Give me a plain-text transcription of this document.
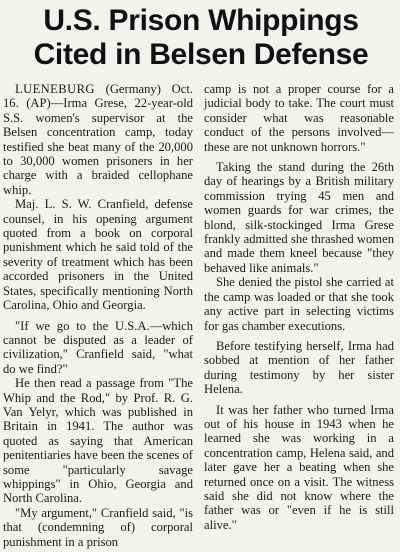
U.S. Prison Whippings
Cited in Belsen Defense

LUENEBURG (Germany) Oct. 16. (AP)—Irma Grese, 22-year-old S.S. women's supervisor at the Belsen concentration camp, today testified she beat many of the 20,000 to 30,000 women prisoners in her charge with a braided cellophane whip.

Maj. L. S. W. Cranfield, defense counsel, in his opening argument quoted from a book on corporal punishment which he said told of the severity of treatment which has been accorded prisoners in the United States, specifically mentioning North Carolina, Ohio and Georgia.

"If we go to the U.S.A.—which cannot be disputed as a leader of civilization," Cranfield said, "what do we find?"

He then read a passage from "The Whip and the Rod," by Prof. R. G. Van Yelyr, which was published in Britain in 1941. The author was quoted as saying that American penitentiaries have been the scenes of some "particularly savage whippings" in Ohio, Georgia and North Carolina.

"My argument," Cranfield said, "is that (condemning of) corporal punishment in a prison

camp is not a proper course for a judicial body to take. The court must consider what was reasonable conduct of the persons involved—these are not unknown horrors."

Taking the stand during the 26th day of hearings by a British military commission trying 45 men and women guards for war crimes, the blond, silk-stockinged Irma Grese frankly admitted she thrashed women and made them kneel because "they behaved like animals."

She denied the pistol she carried at the camp was loaded or that she took any active part in selecting victims for gas chamber executions.

Before testifying herself, Irma had sobbed at mention of her father during testimony by her sister Helena.

It was her father who turned Irma out of his house in 1943 when he learned she was working in a concentration camp, Helena said, and later gave her a beating when she returned once on a visit. The witness said she did not know where the father was or "even if he is still alive."
